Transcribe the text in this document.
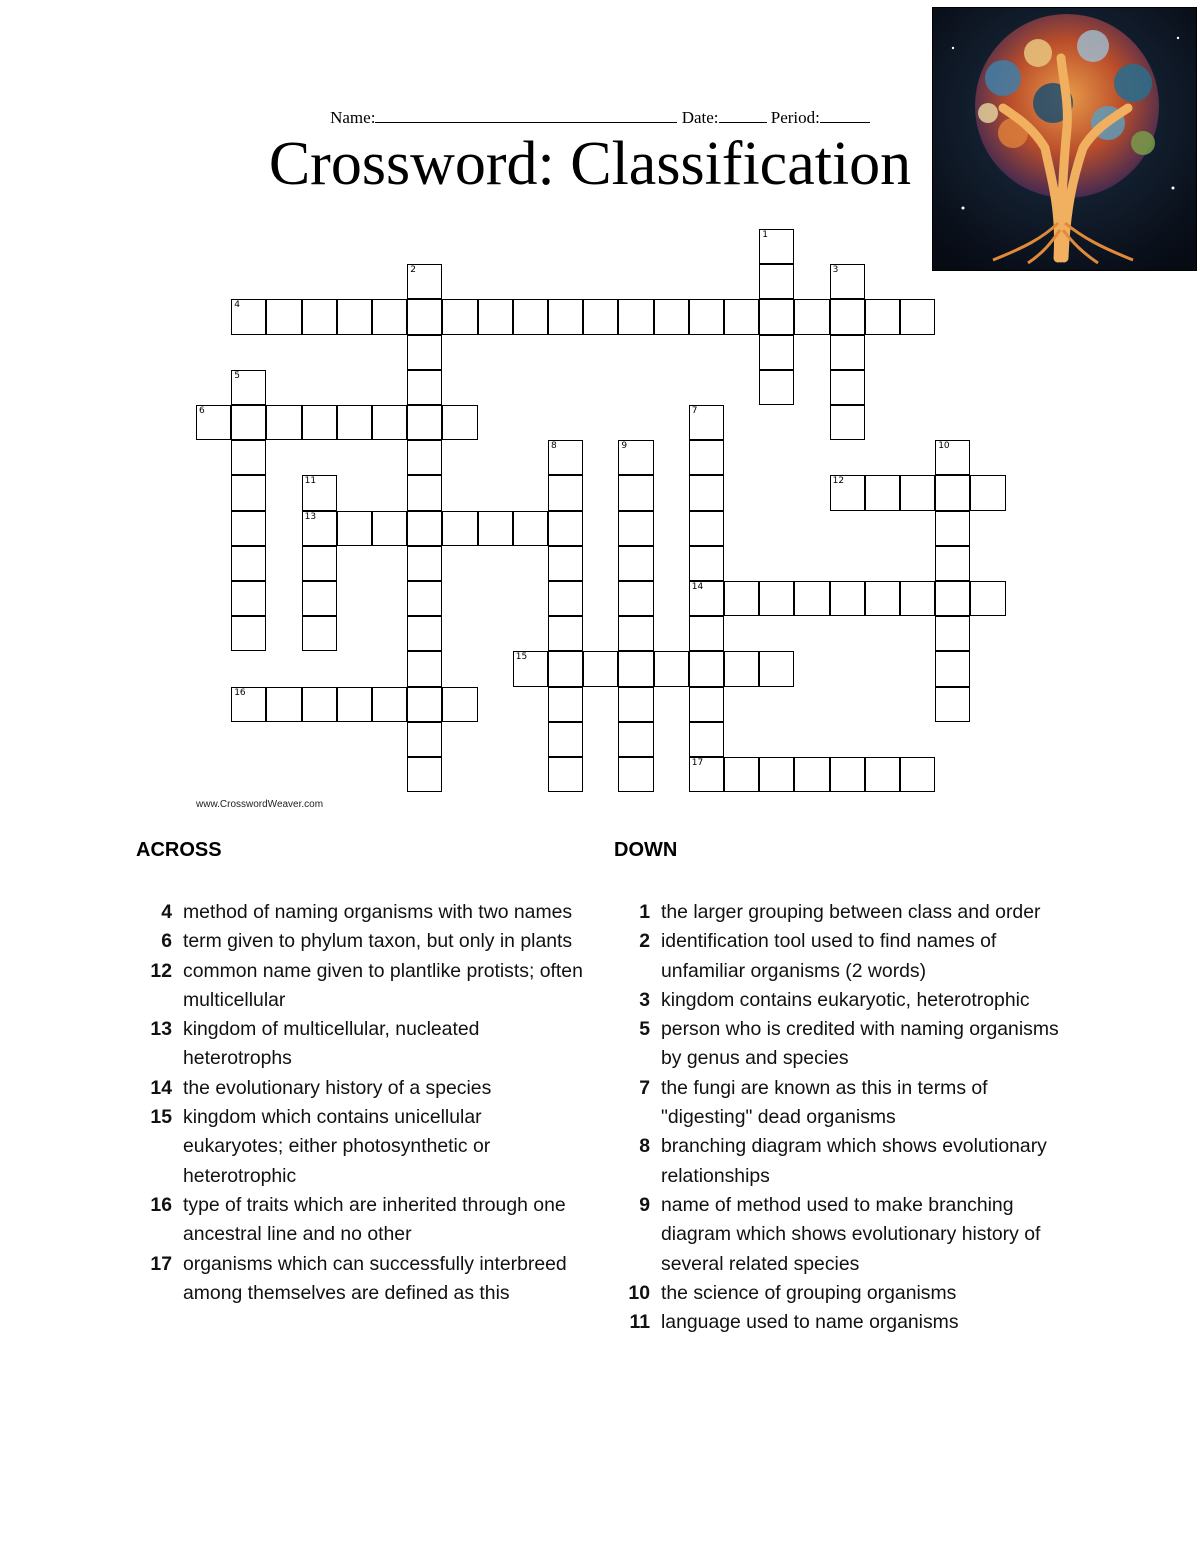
Name:	Date:	Period:
Crossword: Classification
1
2	3
4
5
6	7
14
8	9	10
11
13
12
15
16
17
www.CrosswordWeaver.com
ACROSS
4 method of naming organisms with two names
6 term given to phylum taxon, but only in plants
12 common name given to plantlike protists; often multicellular
13 kingdom of multicellular, nucleated heterotrophs
14 the evolutionary history of a species
15 kingdom which contains unicellular eukaryotes; either photosynthetic or heterotrophic
16 type of traits which are inherited through one ancestral line and no other
17 organisms which can successfully interbreed among themselves are defined as this
DOWN
1 the larger grouping between class and order
2 identification tool used to find names of unfamiliar organisms (2 words)
3 kingdom contains eukaryotic, heterotrophic
5 person who is credited with naming organisms by genus and species
7 the fungi are known as this in terms of "digesting" dead organisms
8 branching diagram which shows evolutionary relationships
9 name of method used to make branching diagram which shows evolutionary history of several related species
10 the science of grouping organisms
11 language used to name organisms
